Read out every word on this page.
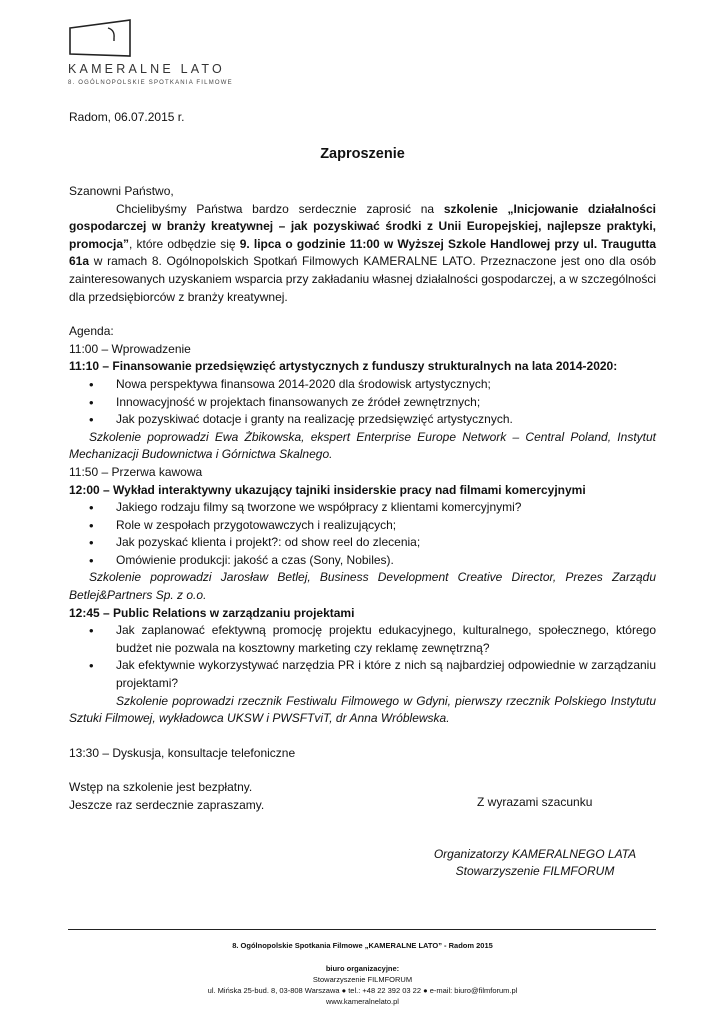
KAMERALNE LATO
8. OGÓLNOPOLSKIE SPOTKANIA FILMOWE
Radom, 06.07.2015 r.
Zaproszenie

Szanowni Państwo,

Chcielibyśmy Państwa bardzo serdecznie zaprosić na szkolenie „Inicjowanie działalności gospodarczej w branży kreatywnej – jak pozyskiwać środki z Unii Europejskiej, najlepsze praktyki, promocja”, które odbędzie się 9. lipca o godzinie 11:00 w Wyższej Szkole Handlowej przy ul. Traugutta 61a w ramach 8. Ogólnopolskich Spotkań Filmowych KAMERALNE LATO. Przeznaczone jest ono dla osób zainteresowanych uzyskaniem wsparcia przy zakładaniu własnej działalności gospodarczej, a w szczególności dla przedsiębiorców z branży kreatywnej.

Agenda:

11:00 – Wprowadzenie

11:10 – Finansowanie przedsięwzięć artystycznych z funduszy strukturalnych na lata 2014-2020:

• Nowa perspektywa finansowa 2014-2020 dla środowisk artystycznych;
• Innowacyjność w projektach finansowanych ze źródeł zewnętrznych;
• Jak pozyskiwać dotacje i granty na realizację przedsięwzięć artystycznych.

Szkolenie poprowadzi Ewa Żbikowska, ekspert Enterprise Europe Network – Central Poland, Instytut Mechanizacji Budownictwa i Górnictwa Skalnego.

11:50 – Przerwa kawowa

12:00 – Wykład interaktywny ukazujący tajniki insiderskie pracy nad filmami komercyjnymi

• Jakiego rodzaju filmy są tworzone we współpracy z klientami komercyjnymi?
• Role w zespołach przygotowawczych i realizujących;
• Jak pozyskać klienta i projekt?: od show reel do zlecenia;
• Omówienie produkcji: jakość a czas (Sony, Nobiles).

Szkolenie poprowadzi Jarosław Betlej, Business Development Creative Director, Prezes Zarządu Betlej&Partners Sp. z o.o.

12:45 – Public Relations w zarządzaniu projektami

• Jak zaplanować efektywną promocję projektu edukacyjnego, kulturalnego, społecznego, którego budżet nie pozwala na kosztowny marketing czy reklamę zewnętrzną?
• Jak efektywnie wykorzystywać narzędzia PR i które z nich są najbardziej odpowiednie w zarządzaniu projektami?

Szkolenie poprowadzi rzecznik Festiwalu Filmowego w Gdyni, pierwszy rzecznik Polskiego Instytutu Sztuki Filmowej, wykładowca UKSW i PWSFTviT, dr Anna Wróblewska.

13:30 – Dyskusja, konsultacje telefoniczne

Wstęp na szkolenie jest bezpłatny.

Jeszcze raz serdecznie zapraszamy.	Z wyrazami szacunku
Organizatorzy KAMERALNEGO LATA
Stowarzyszenie FILMFORUM
8. Ogólnopolskie Spotkania Filmowe „KAMERALNE LATO” - Radom 2015
biuro organizacyjne:
Stowarzyszenie FILMFORUM
ul. Mińska 25-bud. 8, 03-808 Warszawa ● tel.: +48 22 392 03 22 ● e-mail: biuro@filmforum.pl
www.kameralnelato.pl
